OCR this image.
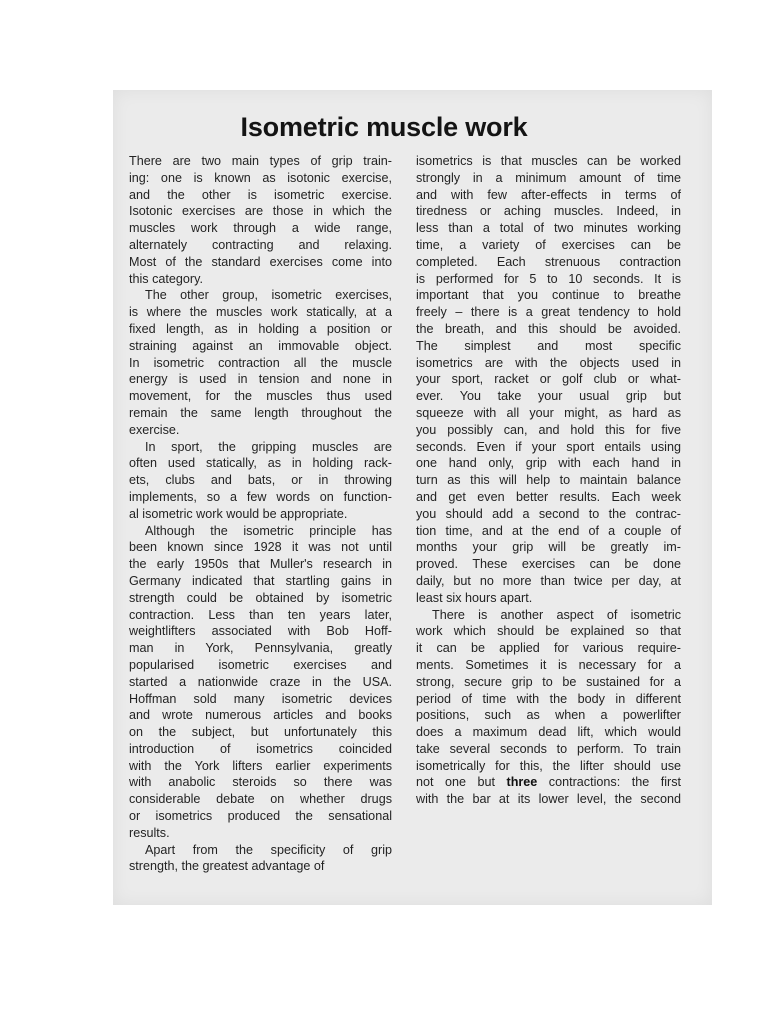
Isometric muscle work
There are two main types of grip train-
ing: one is known as isotonic exercise,
and the other is isometric exercise.
Isotonic exercises are those in which the
muscles work through a wide range,
alternately contracting and relaxing.
Most of the standard exercises come into
this category.
The other group, isometric exercises,
is where the muscles work statically, at a
fixed length, as in holding a position or
straining against an immovable object.
In isometric contraction all the muscle
energy is used in tension and none in
movement, for the muscles thus used
remain the same length throughout the
exercise.
In sport, the gripping muscles are
often used statically, as in holding rack-
ets, clubs and bats, or in throwing
implements, so a few words on function-
al isometric work would be appropriate.
Although the isometric principle has
been known since 1928 it was not until
the early 1950s that Muller's research in
Germany indicated that startling gains in
strength could be obtained by isometric
contraction. Less than ten years later,
weightlifters associated with Bob Hoff-
man in York, Pennsylvania, greatly
popularised isometric exercises and
started a nationwide craze in the USA.
Hoffman sold many isometric devices
and wrote numerous articles and books
on the subject, but unfortunately this
introduction of isometrics coincided
with the York lifters earlier experiments
with anabolic steroids so there was
considerable debate on whether drugs
or isometrics produced the sensational
results.
Apart from the specificity of grip
strength, the greatest advantage of
isometrics is that muscles can be worked
strongly in a minimum amount of time
and with few after-effects in terms of
tiredness or aching muscles. Indeed, in
less than a total of two minutes working
time, a variety of exercises can be
completed. Each strenuous contraction
is performed for 5 to 10 seconds. It is
important that you continue to breathe
freely – there is a great tendency to hold
the breath, and this should be avoided.
The simplest and most specific
isometrics are with the objects used in
your sport, racket or golf club or what-
ever. You take your usual grip but
squeeze with all your might, as hard as
you possibly can, and hold this for five
seconds. Even if your sport entails using
one hand only, grip with each hand in
turn as this will help to maintain balance
and get even better results. Each week
you should add a second to the contrac-
tion time, and at the end of a couple of
months your grip will be greatly im-
proved. These exercises can be done
daily, but no more than twice per day, at
least six hours apart.
There is another aspect of isometric
work which should be explained so that
it can be applied for various require-
ments. Sometimes it is necessary for a
strong, secure grip to be sustained for a
period of time with the body in different
positions, such as when a powerlifter
does a maximum dead lift, which would
take several seconds to perform. To train
isometrically for this, the lifter should use
not one but three contractions: the first
with the bar at its lower level, the second
